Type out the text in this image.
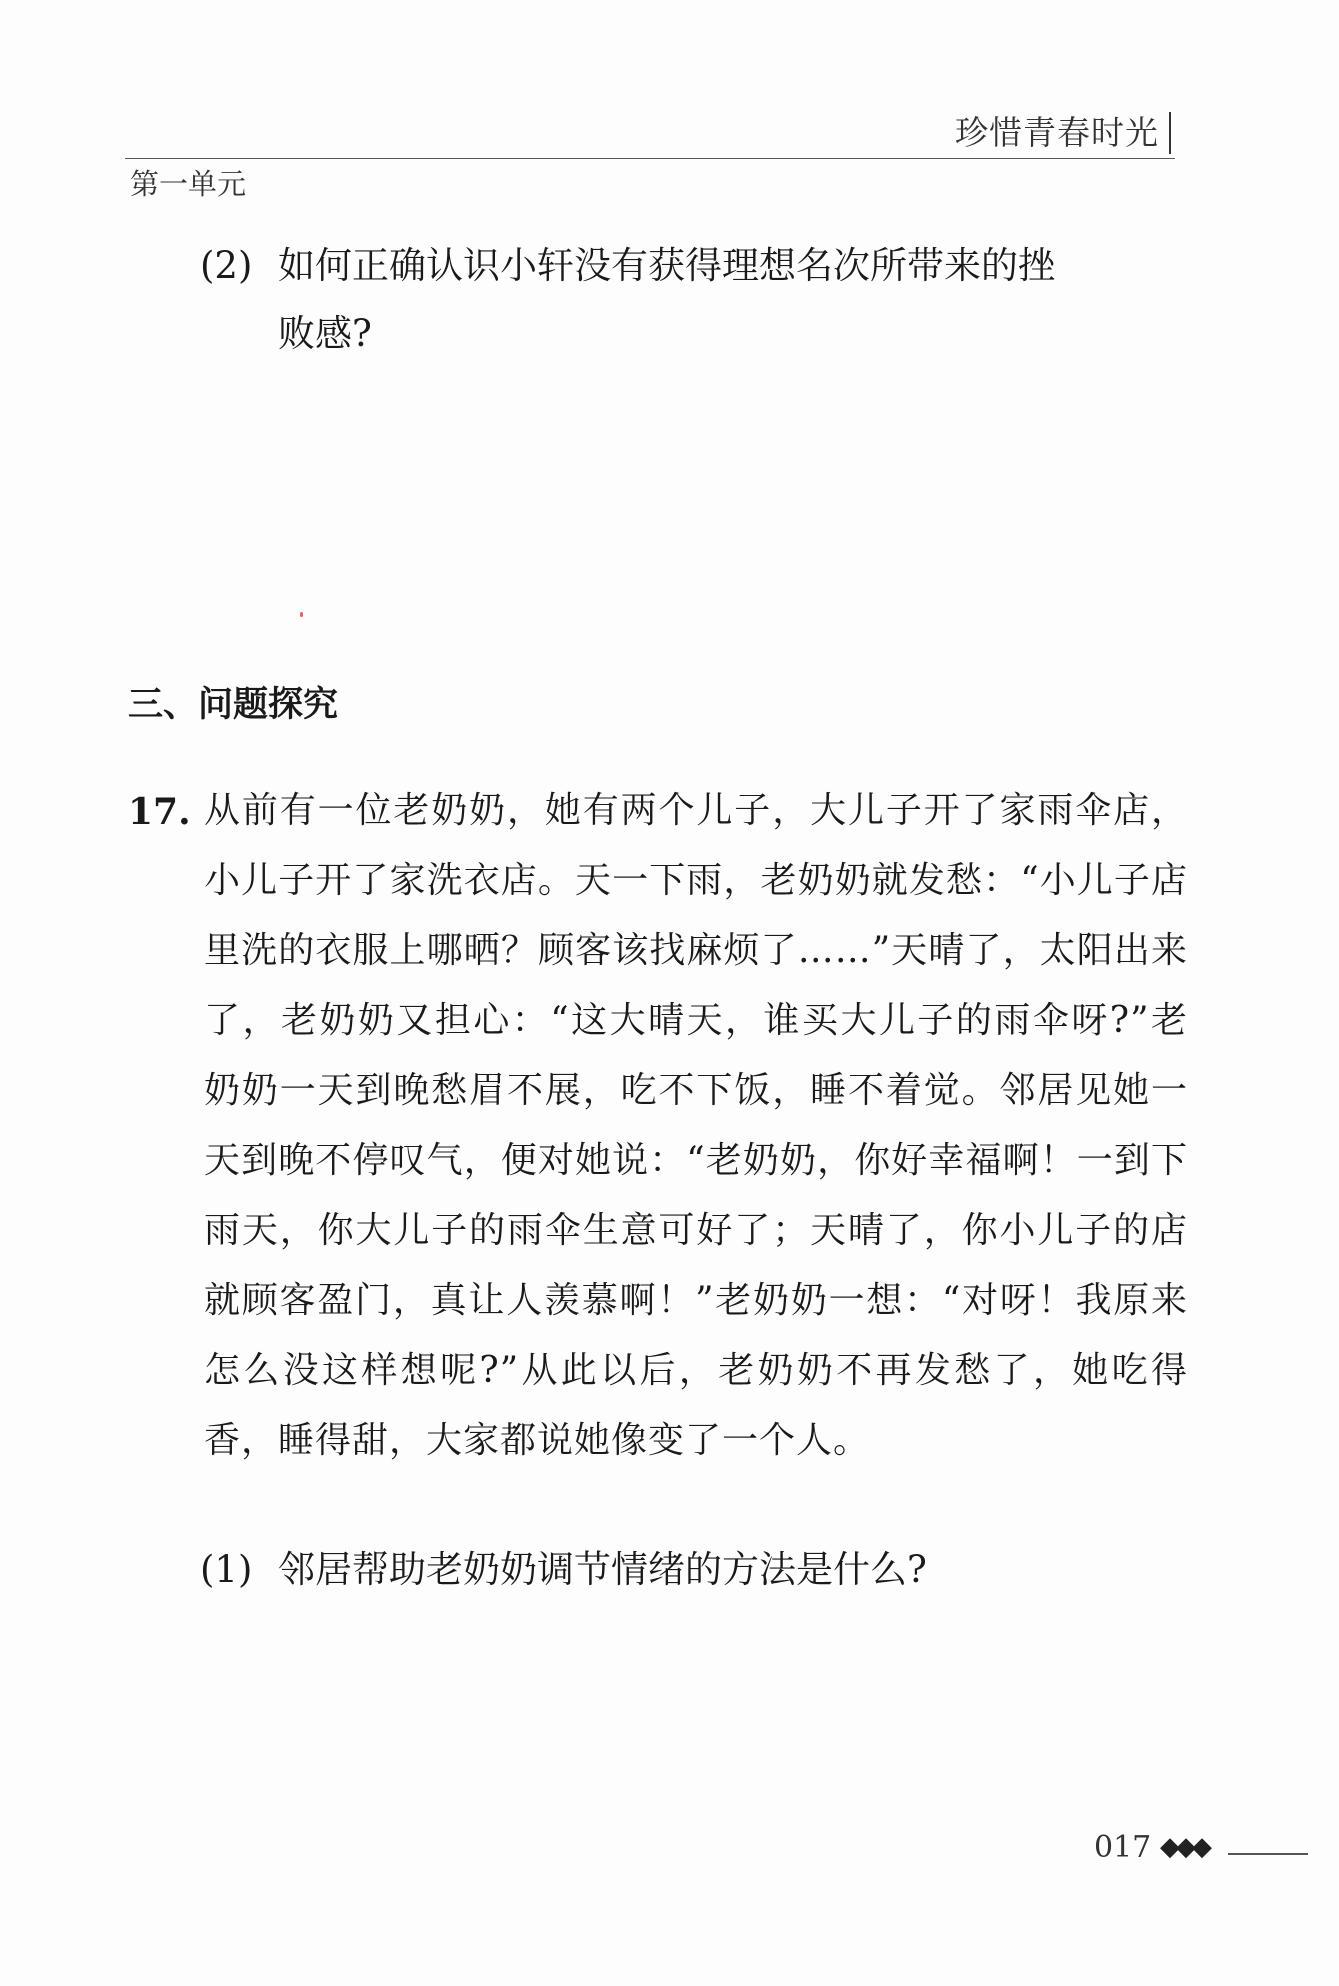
珍惜青春时光
第一单元
(2) 如何正确认识小轩没有获得理想名次所带来的挫
败感?
三、问题探究
17. 从前有一位老奶奶，她有两个儿子，大儿子开了家雨伞店，小儿子开了家洗衣店。天一下雨，老奶奶就发愁：“小儿子店里洗的衣服上哪晒？顾客该找麻烦了……”天晴了，太阳出来了，老奶奶又担心：“这大晴天，谁买大儿子的雨伞呀?”老奶奶一天到晚愁眉不展，吃不下饭，睡不着觉。邻居见她一天到晚不停叹气，便对她说：“老奶奶，你好幸福啊！一到下雨天，你大儿子的雨伞生意可好了；天晴了，你小儿子的店就顾客盈门，真让人羡慕啊！”老奶奶一想：“对呀！我原来怎么没这样想呢?”从此以后，老奶奶不再发愁了，她吃得香，睡得甜，大家都说她像变了一个人。
(1) 邻居帮助老奶奶调节情绪的方法是什么?
017 ◆◆◆
